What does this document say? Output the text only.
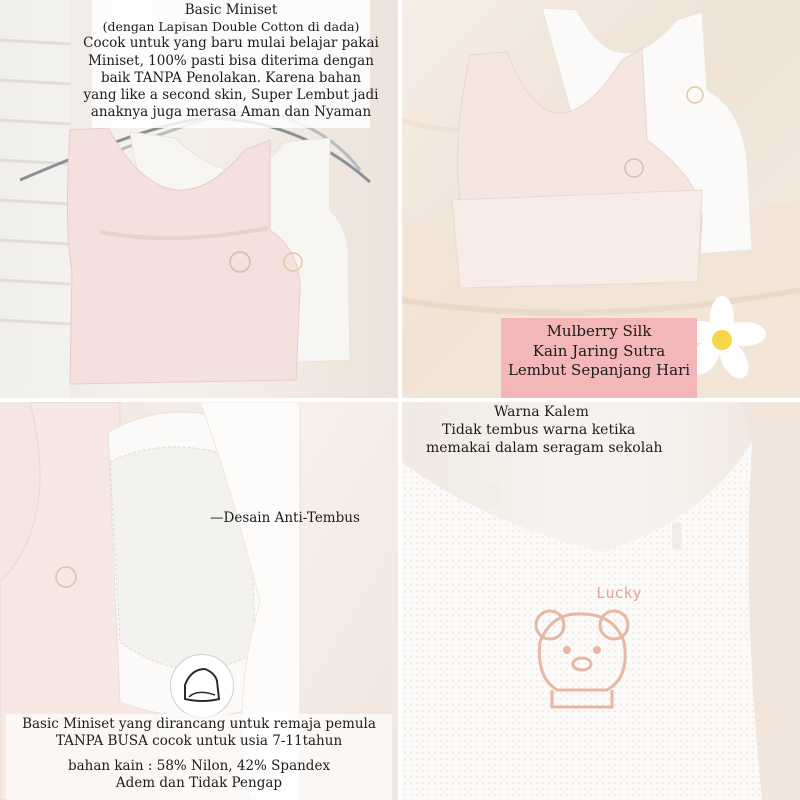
Basic Miniset
(dengan Lapisan Double Cotton di dada)
Cocok untuk yang baru mulai belajar pakai
Miniset, 100% pasti bisa diterima dengan
baik TANPA Penolakan. Karena bahan
yang like a second skin, Super Lembut jadi
anaknya juga merasa Aman dan Nyaman
Mulberry Silk
Kain Jaring Sutra
Lembut Sepanjang Hari
—Desain Anti-Tembus
Basic Miniset yang dirancang untuk remaja pemula
TANPA BUSA cocok untuk usia 7-11tahun
bahan kain : 58% Nilon, 42% Spandex
Adem dan Tidak Pengap
Lucky
Warna Kalem
Tidak tembus warna ketika
memakai dalam seragam sekolah
